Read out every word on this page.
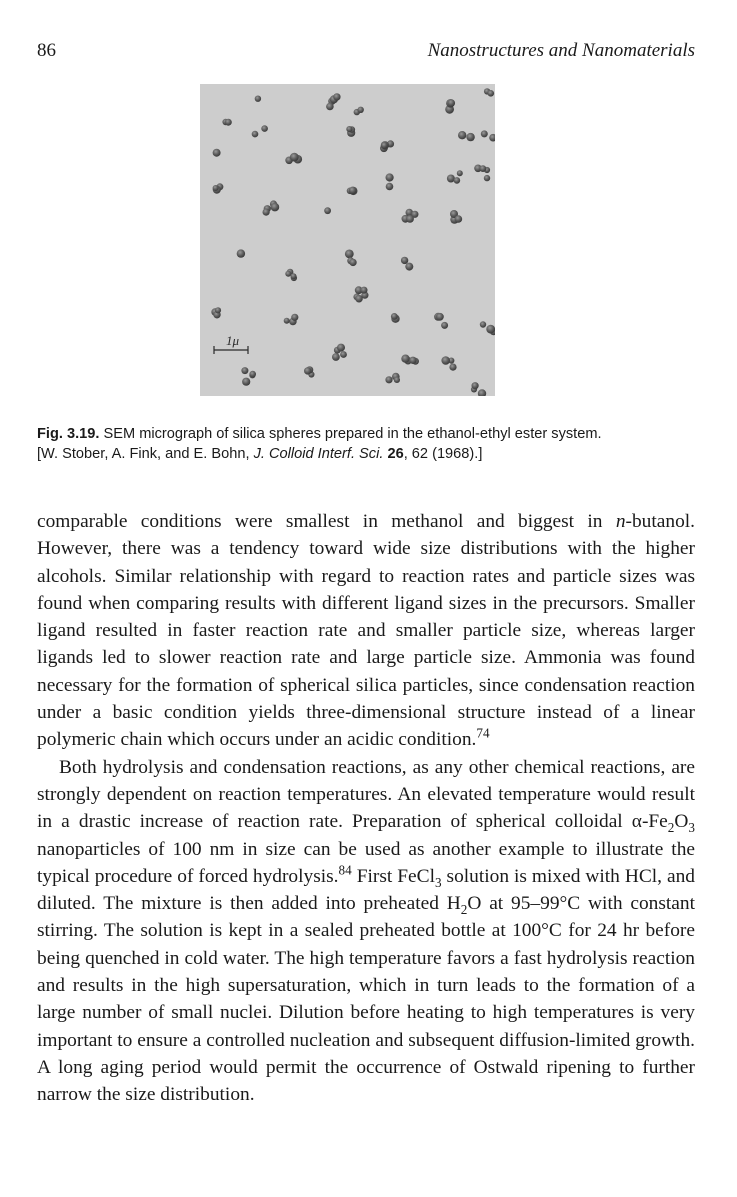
86	Nanostructures and Nanomaterials
1μ
Fig. 3.19. SEM micrograph of silica spheres prepared in the ethanol-ethyl ester system.
[W. Stober, A. Fink, and E. Bohn, J. Colloid Interf. Sci. 26, 62 (1968).]

comparable conditions were smallest in methanol and biggest in n-butanol. However, there was a tendency toward wide size distributions with the higher alcohols. Similar relationship with regard to reaction rates and particle sizes was found when comparing results with different ligand sizes in the precursors. Smaller ligand resulted in faster reaction rate and smaller particle size, whereas larger ligands led to slower reaction rate and large particle size. Ammonia was found necessary for the formation of spherical silica particles, since condensation reaction under a basic condition yields three-dimensional structure instead of a linear polymeric chain which occurs under an acidic condition.$^{74}$

Both hydrolysis and condensation reactions, as any other chemical reactions, are strongly dependent on reaction temperatures. An elevated temperature would result in a drastic increase of reaction rate. Preparation of spherical colloidal $\alpha-Fe_2O_3$ nanoparticles of 100 nm in size can be used as another example to illustrate the typical procedure of forced hydrolysis.$^{84}$ First FeCl$_3$ solution is mixed with HCl, and diluted. The mixture is then added into preheated $H_2O$ at 95–99°C with constant stirring. The solution is kept in a sealed preheated bottle at 100°C for 24 hr before being quenched in cold water. The high temperature favors a fast hydrolysis reaction and results in the high supersaturation, which in turn leads to the formation of a large number of small nuclei. Dilution before heating to high temperatures is very important to ensure a controlled nucleation and subsequent diffusion-limited growth. A long aging period would permit the occurrence of Ostwald ripening to further narrow the size distribution.
